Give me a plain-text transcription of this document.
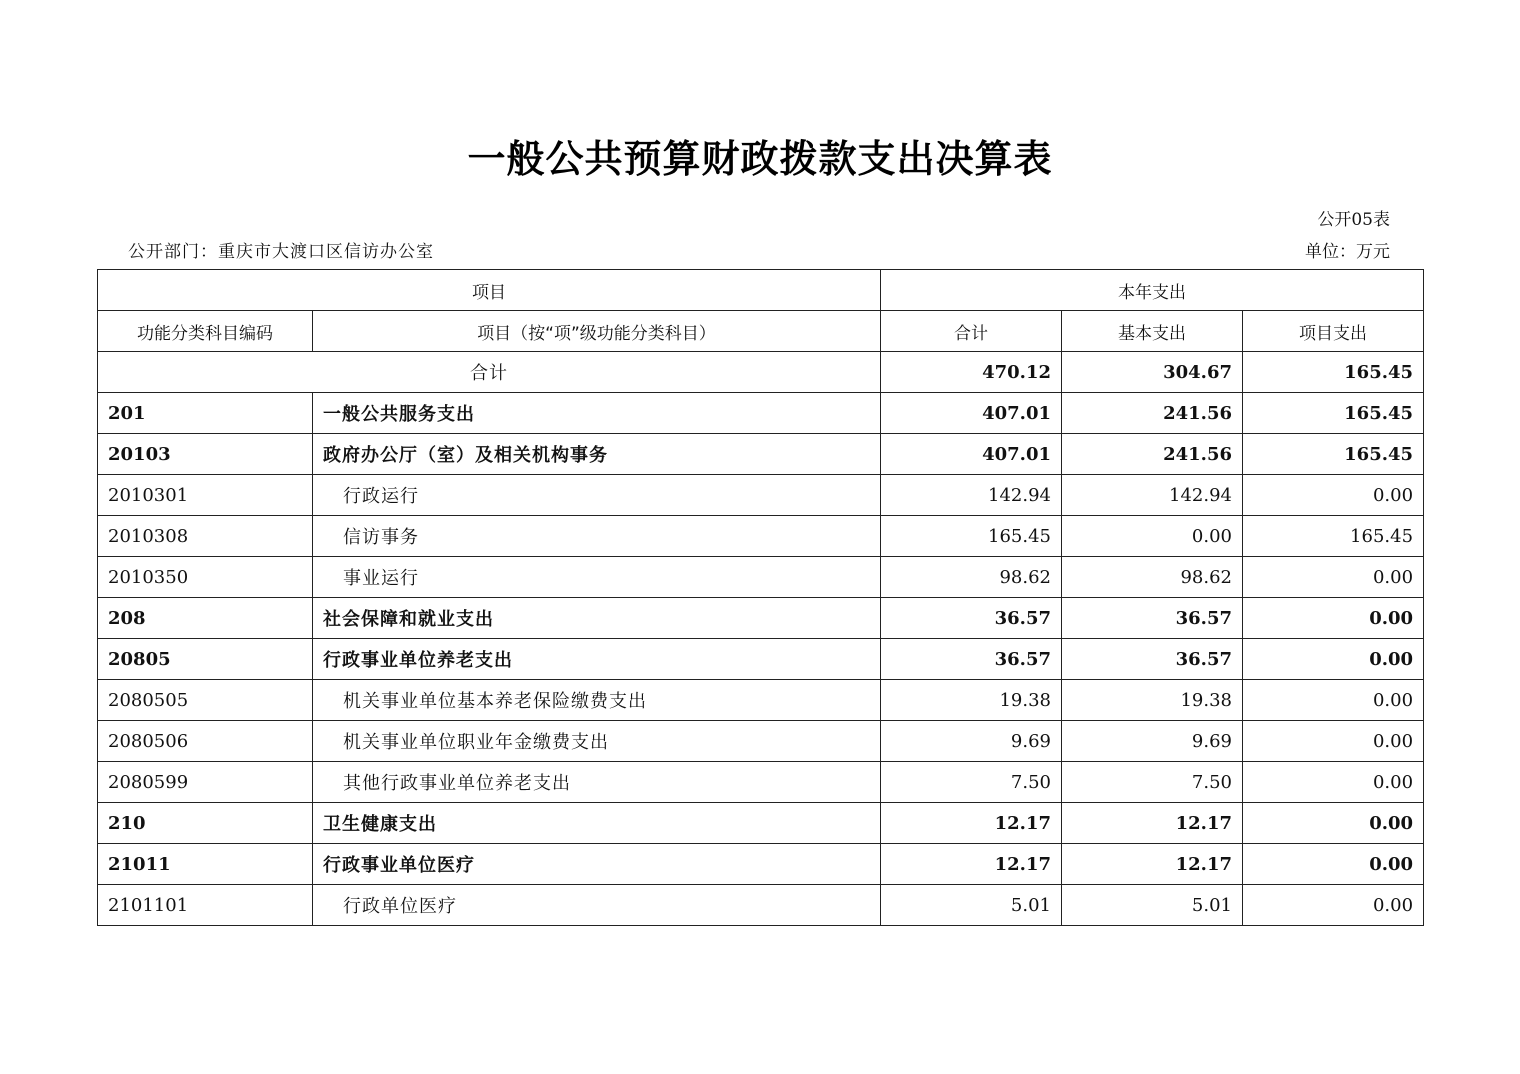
一般公共预算财政拨款支出决算表
公开05表
公开部门：重庆市大渡口区信访办公室	单位：万元
项目		本年支出		
功能分类科目编码	项目（按“项”级功能分类科目）	合计	基本支出	项目支出
合计		470.12	304.67	165.45
201	一般公共服务支出	407.01	241.56	165.45
20103	政府办公厅（室）及相关机构事务	407.01	241.56	165.45
2010301	行政运行	142.94	142.94	0.00
2010308	信访事务	165.45	0.00	165.45
2010350	事业运行	98.62	98.62	0.00
208	社会保障和就业支出	36.57	36.57	0.00
20805	行政事业单位养老支出	36.57	36.57	0.00
2080505	机关事业单位基本养老保险缴费支出	19.38	19.38	0.00
2080506	机关事业单位职业年金缴费支出	9.69	9.69	0.00
2080599	其他行政事业单位养老支出	7.50	7.50	0.00
210	卫生健康支出	12.17	12.17	0.00
21011	行政事业单位医疗	12.17	12.17	0.00
2101101	行政单位医疗	5.01	5.01	0.00
